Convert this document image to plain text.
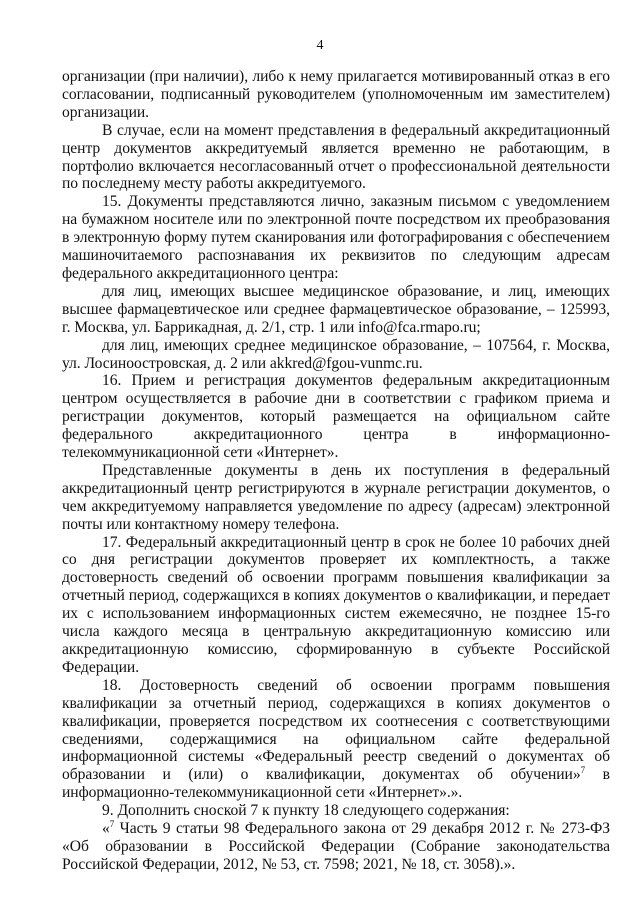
4

организации (при наличии), либо к нему прилагается мотивированный отказ в его согласовании, подписанный руководителем (уполномоченным им заместителем) организации.

В случае, если на момент представления в федеральный аккредитационный центр документов аккредитуемый является временно не работающим, в портфолио включается несогласованный отчет о профессиональной деятельности по последнему месту работы аккредитуемого.

15. Документы представляются лично, заказным письмом с уведомлением на бумажном носителе или по электронной почте посредством их преобразования в электронную форму путем сканирования или фотографирования с обеспечением машиночитаемого распознавания их реквизитов по следующим адресам федерального аккредитационного центра:

для лиц, имеющих высшее медицинское образование, и лиц, имеющих высшее фармацевтическое или среднее фармацевтическое образование, – 125993, г. Москва, ул. Баррикадная, д. 2/1, стр. 1 или info@fca.rmapo.ru;

для лиц, имеющих среднее медицинское образование, – 107564, г. Москва, ул. Лосиноостровская, д. 2 или akkred@fgou-vunmc.ru.

16. Прием и регистрация документов федеральным аккредитационным центром осуществляется в рабочие дни в соответствии с графиком приема и регистрации документов, который размещается на официальном сайте федерального аккредитационного центра в информационно-телекоммуникационной сети «Интернет».

Представленные документы в день их поступления в федеральный аккредитационный центр регистрируются в журнале регистрации документов, о чем аккредитуемому направляется уведомление по адресу (адресам) электронной почты или контактному номеру телефона.

17. Федеральный аккредитационный центр в срок не более 10 рабочих дней со дня регистрации документов проверяет их комплектность, а также достоверность сведений об освоении программ повышения квалификации за отчетный период, содержащихся в копиях документов о квалификации, и передает их с использованием информационных систем ежемесячно, не позднее 15-го числа каждого месяца в центральную аккредитационную комиссию или аккредитационную комиссию, сформированную в субъекте Российской Федерации.

18. Достоверность сведений об освоении программ повышения квалификации за отчетный период, содержащихся в копиях документов о квалификации, проверяется посредством их соотнесения с соответствующими сведениями, содержащимися на официальном сайте федеральной информационной системы «Федеральный реестр сведений о документах об образовании и (или) о квалификации, документах об обучении»$^7$ в информационно-телекоммуникационной сети «Интернет».».

9. Дополнить сноской 7 к пункту 18 следующего содержания:

«$^7$ Часть 9 статьи 98 Федерального закона от 29 декабря 2012 г. № 273-ФЗ «Об образовании в Российской Федерации (Собрание законодательства Российской Федерации, 2012, № 53, ст. 7598; 2021, № 18, ст. 3058).».
